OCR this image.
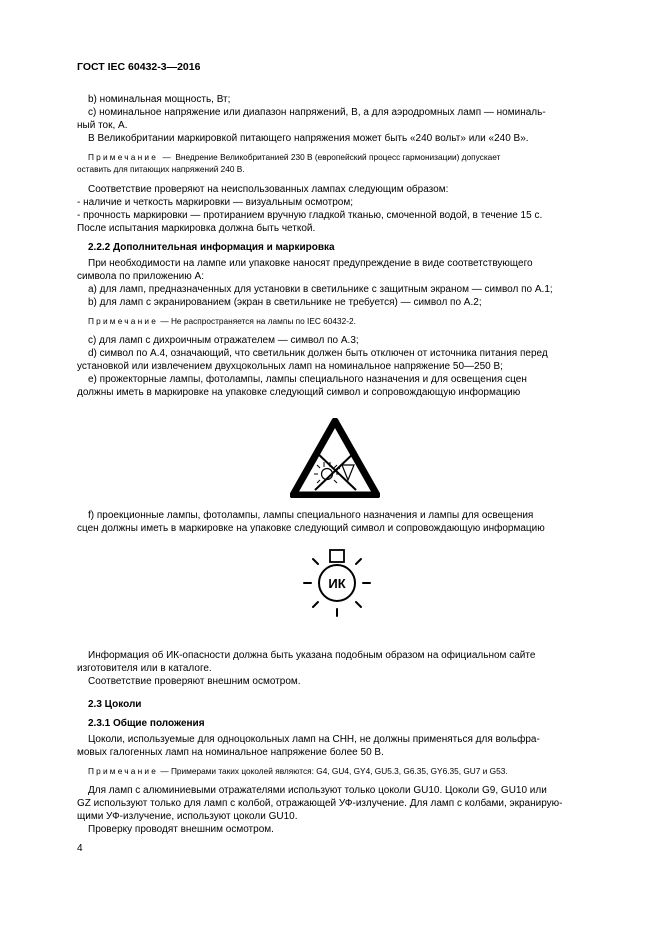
ГОСТ IEC 60432-3—2016
b) номинальная мощность, Вт;
с) номинальное напряжение или диапазон напряжений, В, а для аэродромных ламп — номиналь-
ный ток, А.
В Великобритании маркировкой питающего напряжения может быть «240 вольт» или «240 В».
Примечание — Внедрение Великобританией 230 В (европейский процесс гармонизации) допускает
оставить для питающих напряжений 240 В.
Соответствие проверяют на неиспользованных лампах следующим образом:
- наличие и четкость маркировки — визуальным осмотром;
- прочность маркировки — протиранием вручную гладкой тканью, смоченной водой, в течение 15 с.
После испытания маркировка должна быть четкой.
2.2.2 Дополнительная информация и маркировка
При необходимости на лампе или упаковке наносят предупреждение в виде соответствующего
символа по приложению А:
а) для ламп, предназначенных для установки в светильнике с защитным экраном — символ по А.1;
b) для ламп с экранированием (экран в светильнике не требуется) — символ по А.2;
Примечание — Не распространяется на лампы по IEC 60432-2.
с) для ламп с дихроичным отражателем — символ по А.3;
d) символ по А.4, означающий, что светильник должен быть отключен от источника питания перед
установкой или извлечением двухцокольных ламп на номинальное напряжение 50—250 В;
е) прожекторные лампы, фотолампы, лампы специального назначения и для освещения сцен
должны иметь в маркировке на упаковке следующий символ и сопровождающую информацию
f) проекционные лампы, фотолампы, лампы специального назначения и лампы для освещения
сцен должны иметь в маркировке на упаковке следующий символ и сопровождающую информацию
ИК
Информация об ИК-опасности должна быть указана подобным образом на официальном сайте
изготовителя или в каталоге.
Соответствие проверяют внешним осмотром.
2.3 Цоколи
2.3.1 Общие положения
Цоколи, используемые для одноцокольных ламп на СНН, не должны применяться для вольфра-
мовых галогенных ламп на номинальное напряжение более 50 В.
Примечание — Примерами таких цоколей являются: G4, GU4, GY4, GU5.3, G6.35, GY6.35, GU7 и G53.
Для ламп с алюминиевыми отражателями используют только цоколи GU10. Цоколи G9, GU10 или
GZ используют только для ламп с колбой, отражающей УФ-излучение. Для ламп с колбами, экранирую-
щими УФ-излучение, используют цоколи GU10.
Проверку проводят внешним осмотром.
4
